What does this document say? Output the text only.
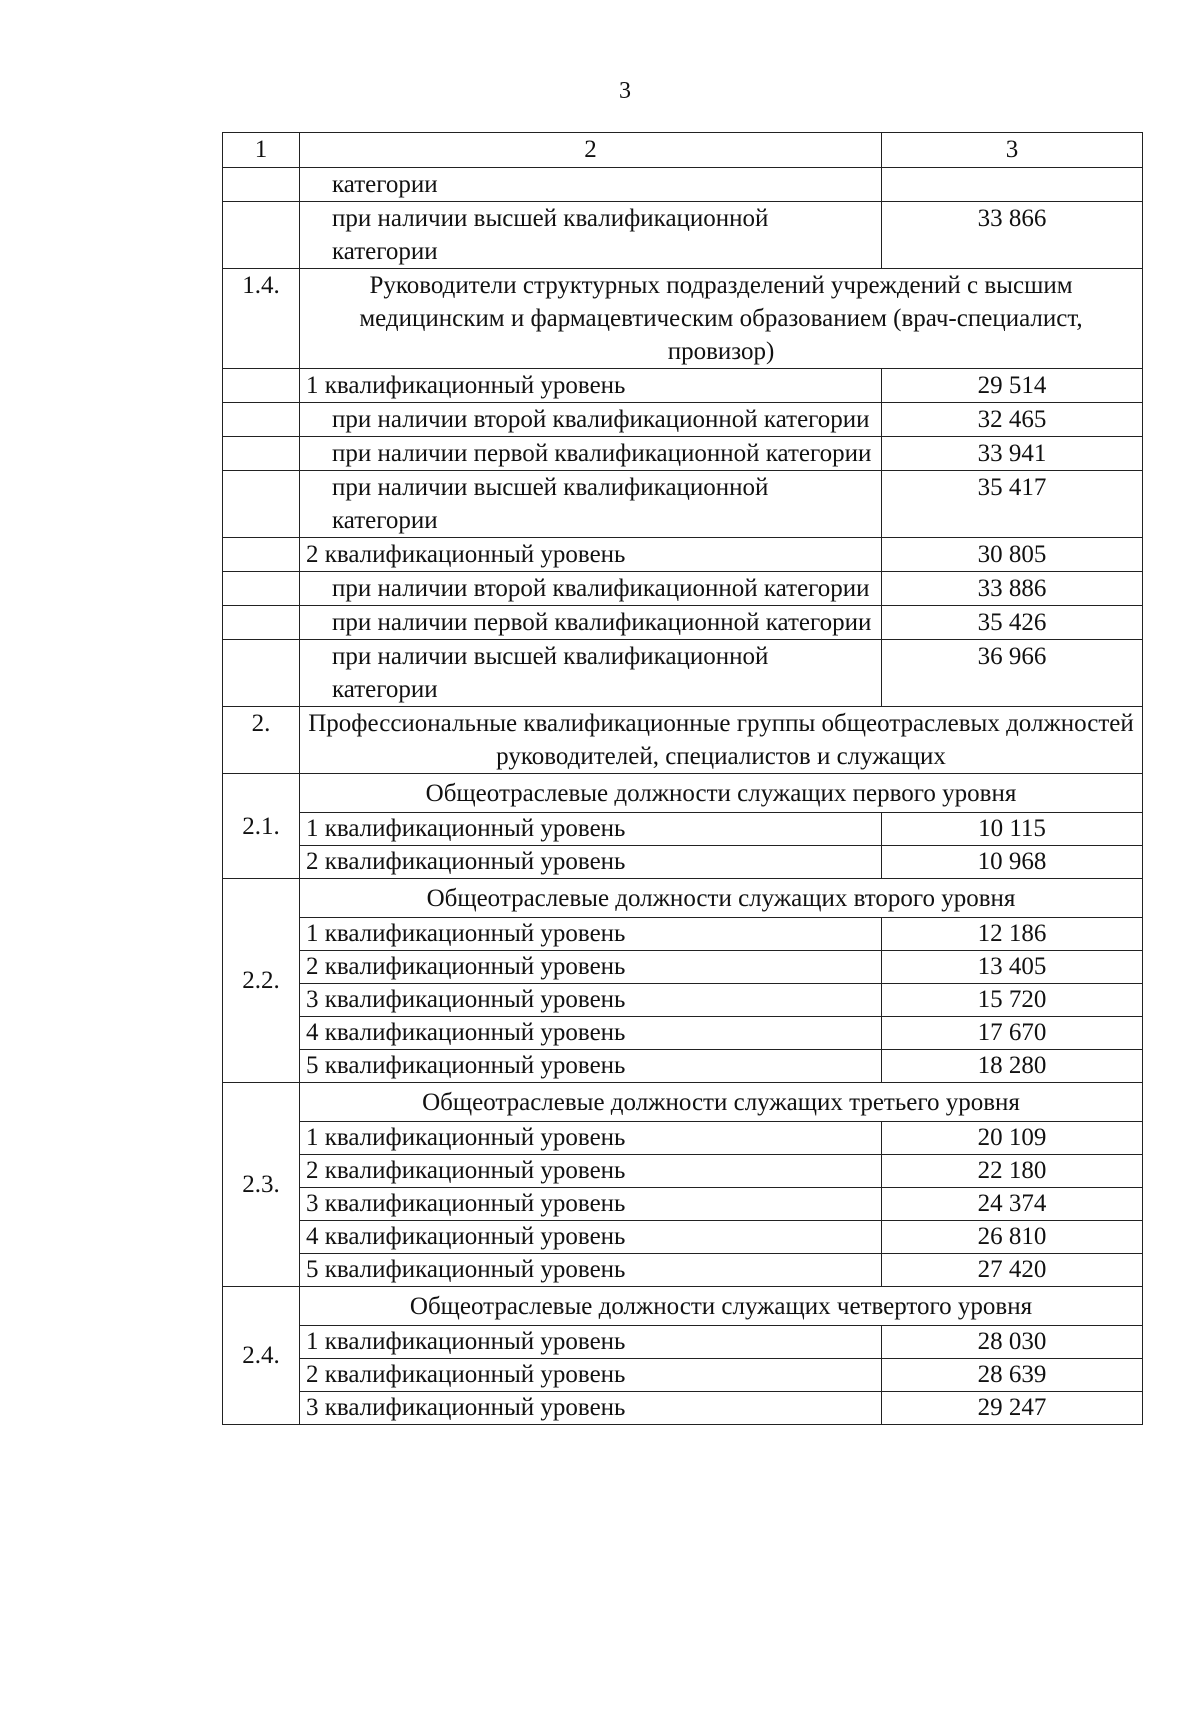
3
1	2	3
	категории	
	при наличии высшей квалификационной категории	33 866
1.4.	Руководители структурных подразделений учреждений с высшим медицинским и фармацевтическим образованием (врач-специалист, провизор)	
	1 квалификационный уровень	29 514
	при наличии второй квалификационной категории	32 465
	при наличии первой квалификационной категории	33 941
	при наличии высшей квалификационной категории	35 417
	2 квалификационный уровень	30 805
	при наличии второй квалификационной категории	33 886
	при наличии первой квалификационной категории	35 426
	при наличии высшей квалификационной категории	36 966
2.	Профессиональные квалификационные группы общеотраслевых должностей руководителей, специалистов и служащих	
2.1.	Общеотраслевые должности служащих первого уровня	
	1 квалификационный уровень	10 115
	2 квалификационный уровень	10 968
2.2.	Общеотраслевые должности служащих второго уровня	
	1 квалификационный уровень	12 186
	2 квалификационный уровень	13 405
	3 квалификационный уровень	15 720
	4 квалификационный уровень	17 670
	5 квалификационный уровень	18 280
2.3.	Общеотраслевые должности служащих третьего уровня	
	1 квалификационный уровень	20 109
	2 квалификационный уровень	22 180
	3 квалификационный уровень	24 374
	4 квалификационный уровень	26 810
	5 квалификационный уровень	27 420
2.4.	Общеотраслевые должности служащих четвертого уровня	
	1 квалификационный уровень	28 030
	2 квалификационный уровень	28 639
	3 квалификационный уровень	29 247
